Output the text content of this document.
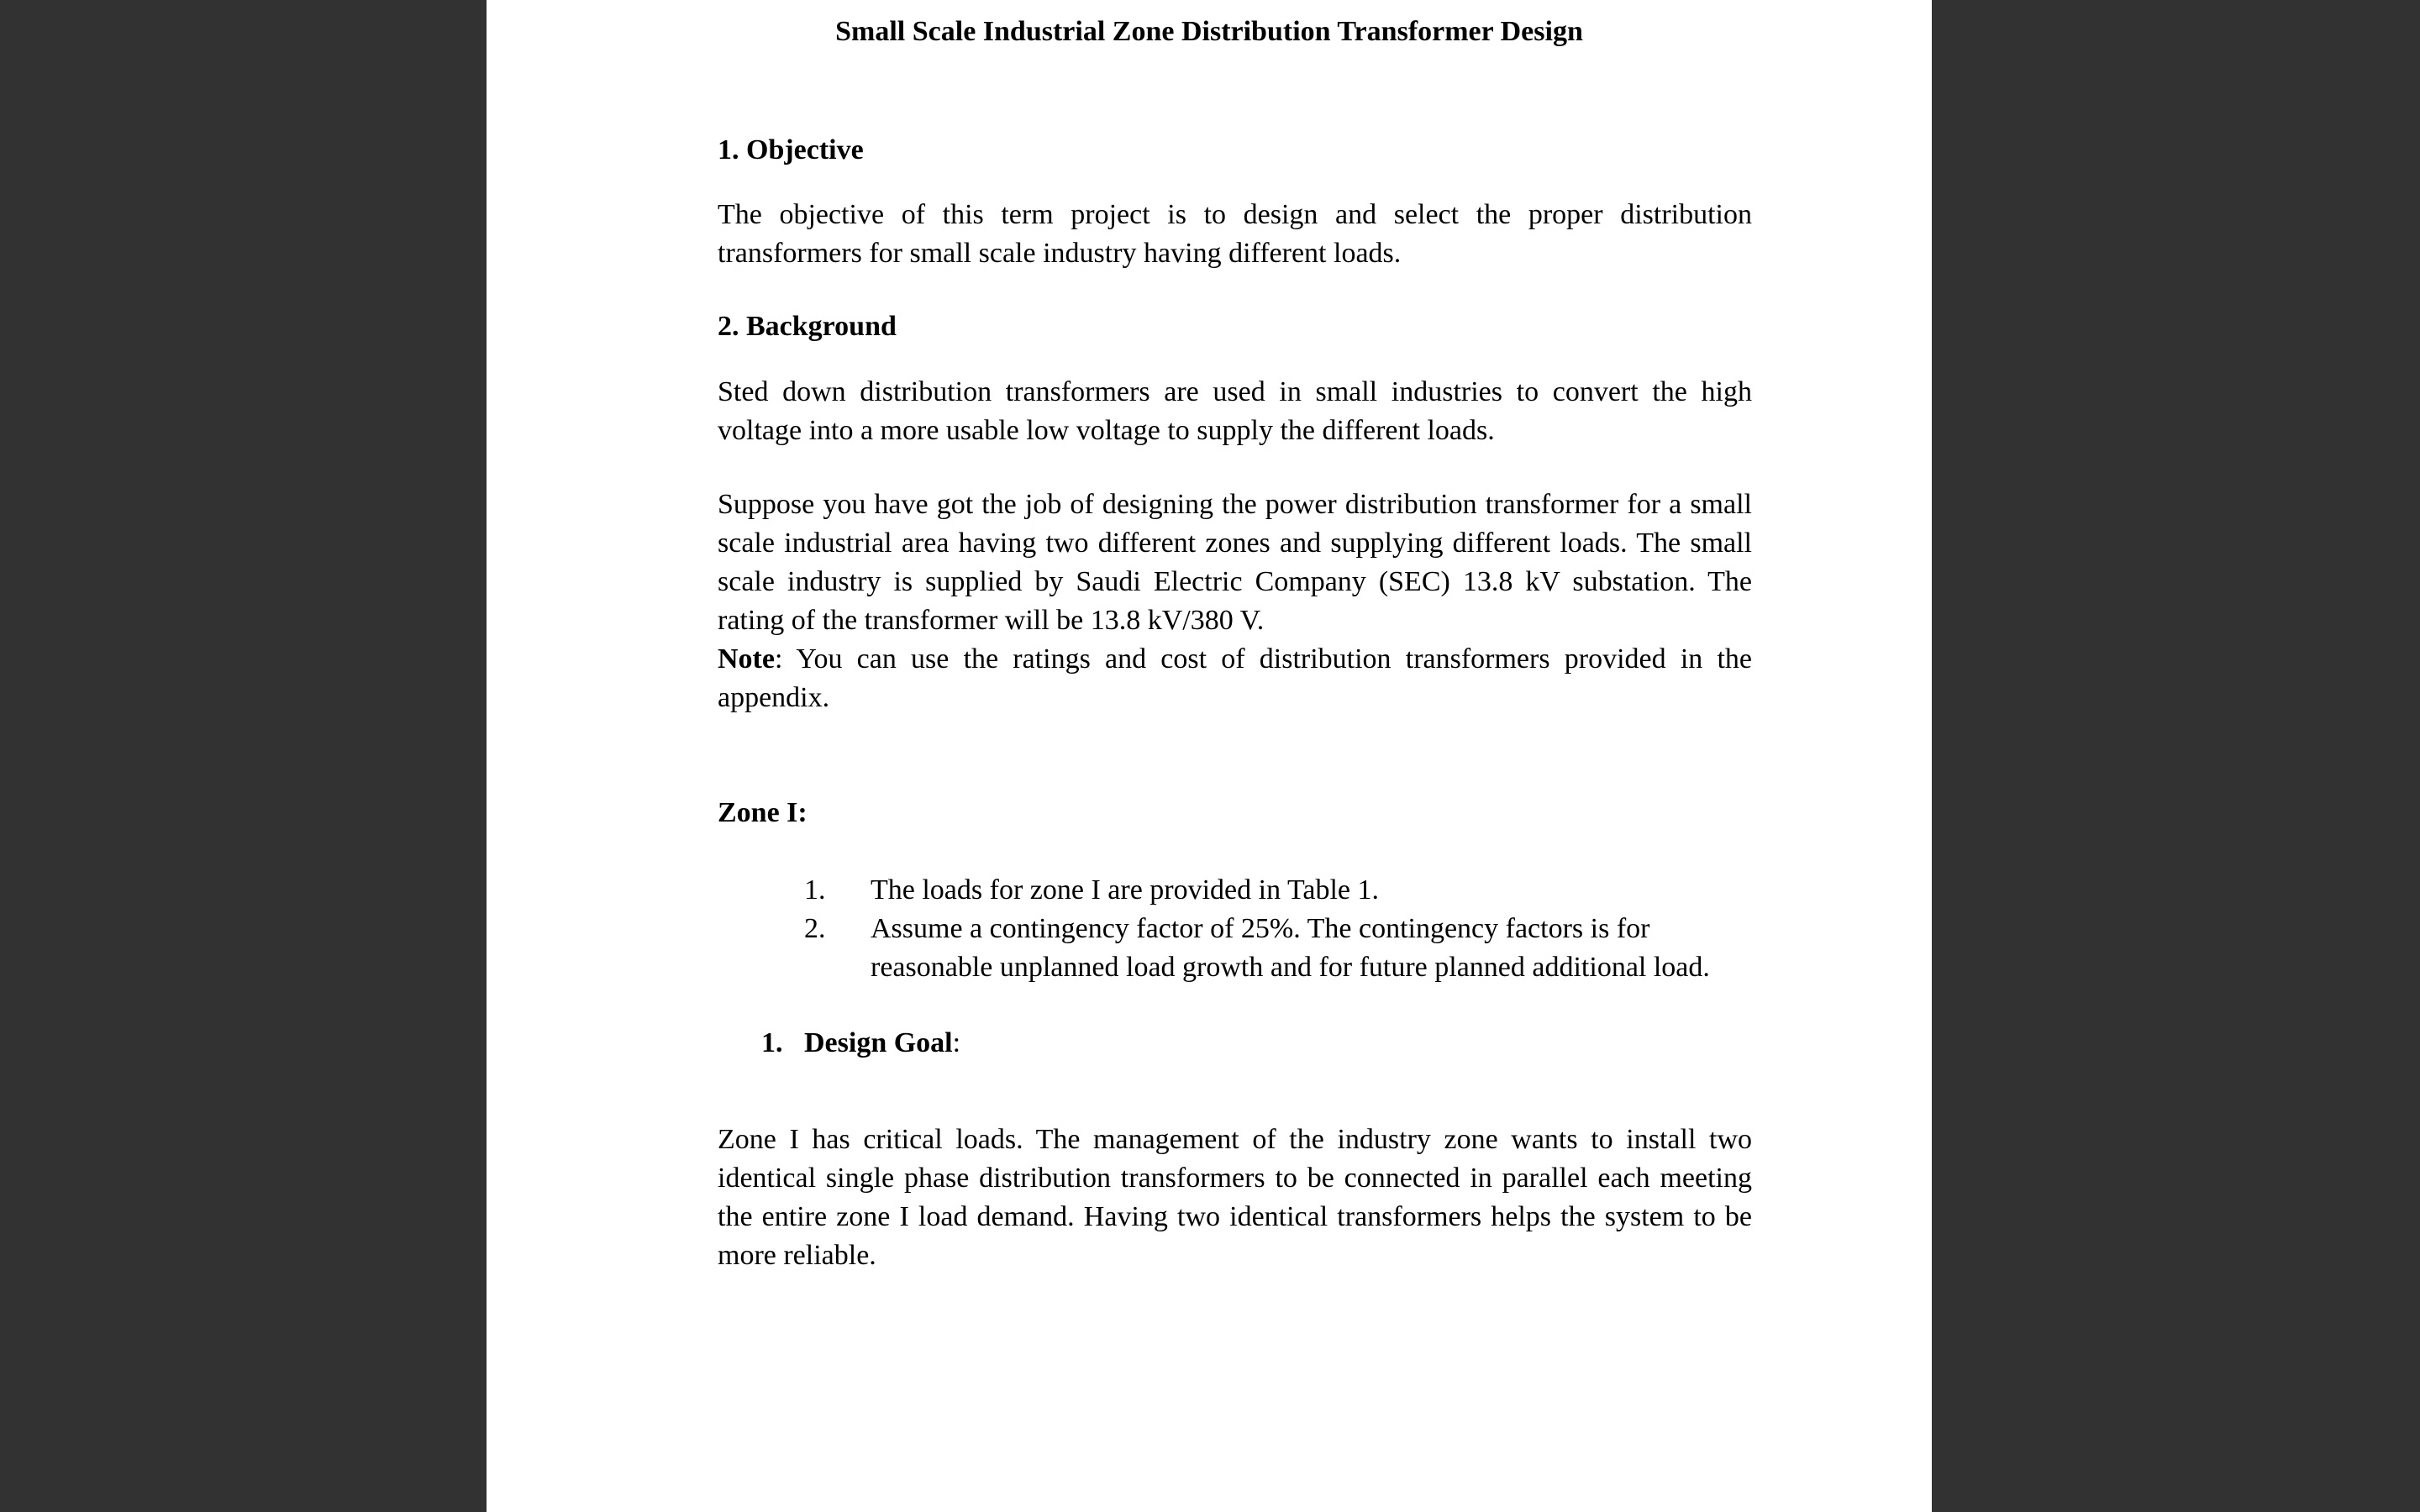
Small Scale Industrial Zone Distribution Transformer Design
1. Objective

The objective of this term project is to design and select the proper distribution transformers for small scale industry having different loads.

2. Background

Sted down distribution transformers are used in small industries to convert the high voltage into a more usable low voltage to supply the different loads.

Suppose you have got the job of designing the power distribution transformer for a small scale industrial area having two different zones and supplying different loads. The small scale industry is supplied by Saudi Electric Company (SEC) 13.8 kV substation. The rating of the transformer will be 13.8 kV/380 V.

Note: You can use the ratings and cost of distribution transformers provided in the appendix.

Zone I:
1. The loads for zone I are provided in Table 1.
2. Assume a contingency factor of 25%. The contingency factors is for reasonable unplanned load growth and for future planned additional load.
1. Design Goal:

Zone I has critical loads. The management of the industry zone wants to install two identical single phase distribution transformers to be connected in parallel each meeting the entire zone I load demand. Having two identical transformers helps the system to be more reliable.
